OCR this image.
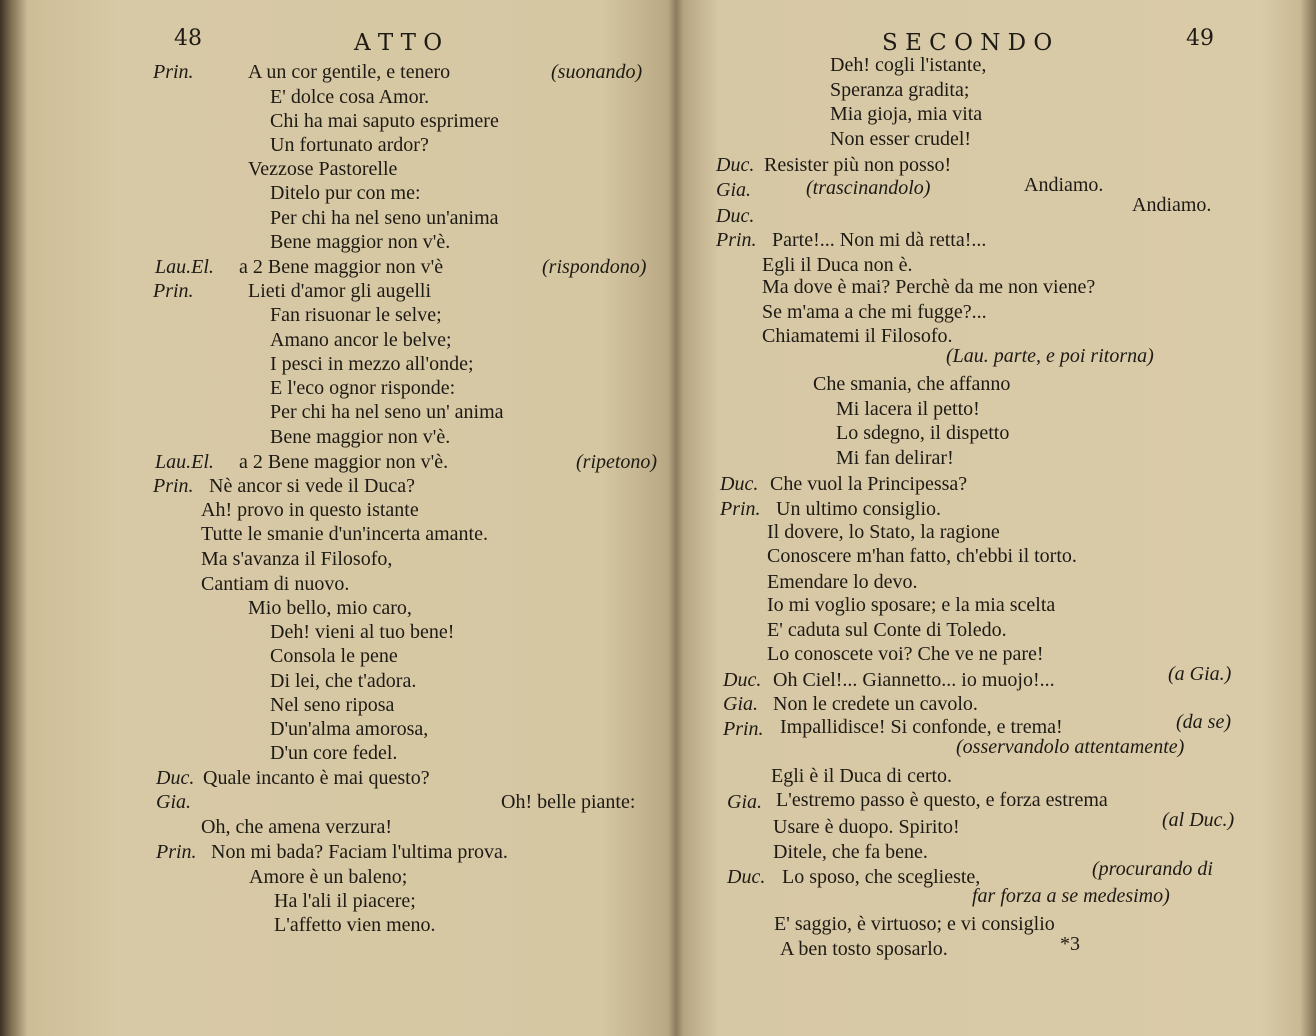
48	A T T O
Prin.	A un cor gentile, e tenero	(suonando)
E' dolce cosa Amor.
Chi ha mai saputo esprimere
Un fortunato ardor?
Vezzose Pastorelle
Ditelo pur con me:
Per chi ha nel seno un'anima
Bene maggior non v'è.
Lau.El. a 2 Bene maggior non v'è	(rispondono)
Prin.	Lieti d'amor gli augelli
Fan risuonar le selve;
Amano ancor le belve;
I pesci in mezzo all'onde;
E l'eco ognor risponde:
Per chi ha nel seno un' anima
Bene maggior non v'è.
Lau.El. a 2 Bene maggior non v'è.	(ripetono)
Prin. Nè ancor si vede il Duca?
Ah! provo in questo istante
Tutte le smanie d'un'incerta amante.
Ma s'avanza il Filosofo,
Cantiam di nuovo.
Mio bello, mio caro,
Deh! vieni al tuo bene!
Consola le pene
Di lei, che t'adora.
Nel seno riposa
D'un'alma amorosa,
D'un core fedel.
Duc. Quale incanto è mai questo?
Gia.	Oh! belle piante:
Oh, che amena verzura!
Prin. Non mi bada? Faciam l'ultima prova.
Amore è un baleno;
Ha l'ali il piacere;
L'affetto vien meno.
S E C O N D O	49
Deh! cogli l'istante,
Speranza gradita;
Mia gioja, mia vita
Non esser crudel!
Duc. Resister più non posso!
Gia.	(trascinandolo)	Andiamo.
Duc.	Andiamo.
Prin. Parte!... Non mi dà retta!...
Egli il Duca non è.
Ma dove è mai? Perchè da me non viene?
Se m'ama a che mi fugge?...
Chiamatemi il Filosofo.
(Lau. parte, e poi ritorna)
Che smania, che affanno
Mi lacera il petto!
Lo sdegno, il dispetto
Mi fan delirar!
Duc. Che vuol la Principessa?
Prin. Un ultimo consiglio.
Il dovere, lo Stato, la ragione
Conoscere m'han fatto, ch'ebbi il torto.
Emendare lo devo.
Io mi voglio sposare; e la mia scelta
E' caduta sul Conte di Toledo.
Lo conoscete voi? Che ve ne pare!
Duc. Oh Ciel!... Giannetto... io muojo!...	(a Gia.)
Gia. Non le credete un cavolo.
Prin. Impallidisce! Si confonde, e trema!	(da se)
(osservandolo attentamente)
Egli è il Duca di certo.
Gia. L'estremo passo è questo, e forza estrema
Usare è duopo. Spirito!	(al Duc.)
Ditele, che fa bene.
Duc. Lo sposo, che sceglieste,	(procurando di
far forza a se medesimo)
E' saggio, è virtuoso; e vi consiglio
A ben tosto sposarlo.	*3
